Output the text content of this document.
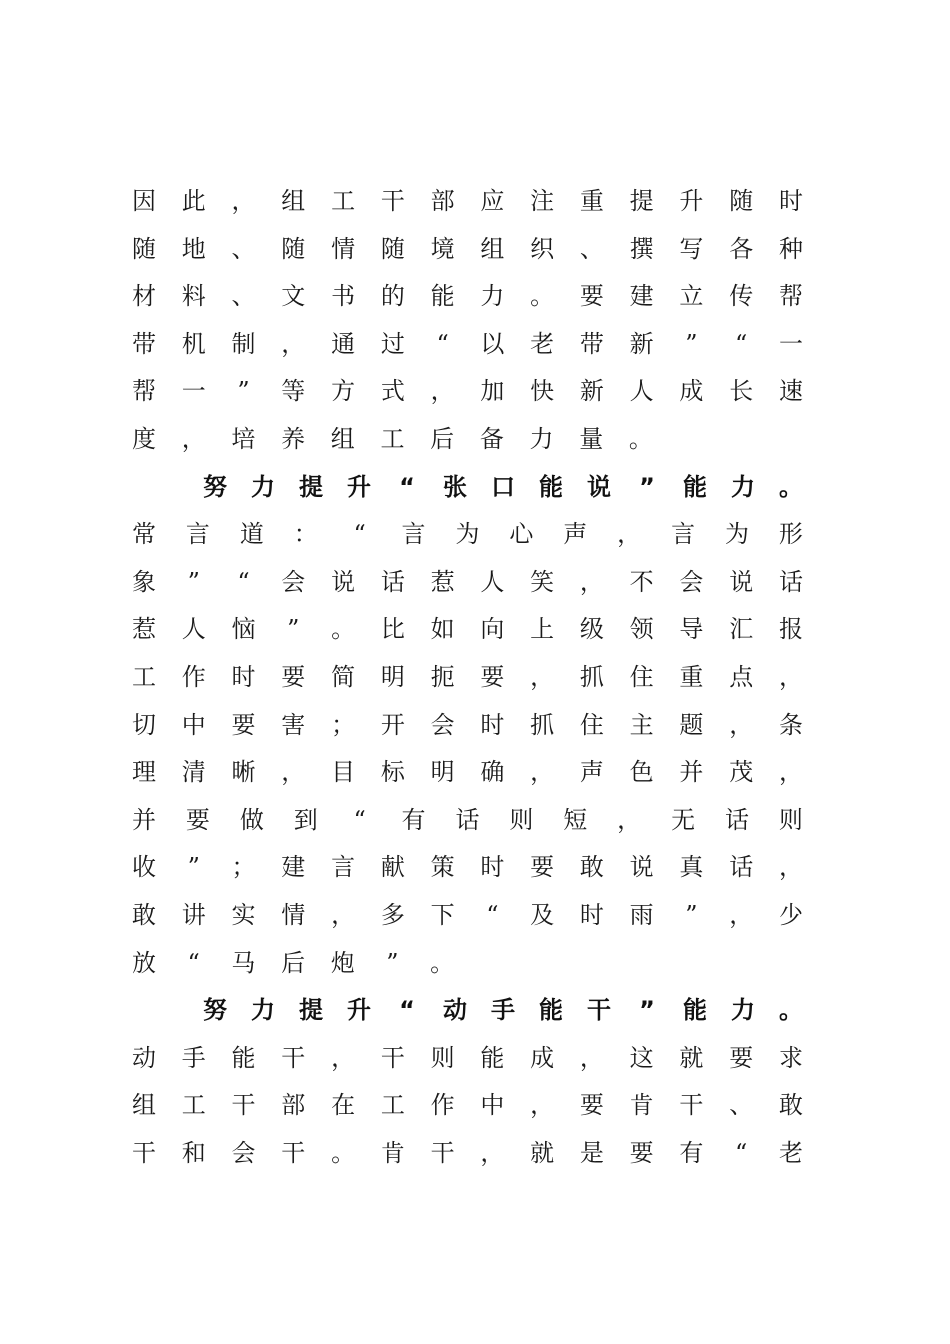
因 此 ， 组 工 干 部 应 注 重 提 升 随 时
随 地 、 随 情 随 境 组 织 、 撰 写 各 种
材 料 、 文 书 的 能 力 。 要 建 立 传 帮
带 机 制 ， 通 过 “ 以 老 带 新 ” “ 一
帮 一 ” 等 方 式 ， 加 快 新 人 成 长 速
度 ， 培 养 组 工 后 备 力 量 。
努 力 提 升 “ 张 口 能 说 ” 能 力 。
常 言 道 ： “ 言 为 心 声 ， 言 为 形
象 ” “ 会 说 话 惹 人 笑 ， 不 会 说 话
惹 人 恼 ” 。 比 如 向 上 级 领 导 汇 报
工 作 时 要 简 明 扼 要 ， 抓 住 重 点 ，
切 中 要 害 ； 开 会 时 抓 住 主 题 ， 条
理 清 晰 ， 目 标 明 确 ， 声 色 并 茂 ，
并 要 做 到 “ 有 话 则 短 ， 无 话 则
收 ” ； 建 言 献 策 时 要 敢 说 真 话 ，
敢 讲 实 情 ， 多 下 “ 及 时 雨 ” ， 少
放 “ 马 后 炮 ” 。
努 力 提 升 “ 动 手 能 干 ” 能 力 。
动 手 能 干 ， 干 则 能 成 ， 这 就 要 求
组 工 干 部 在 工 作 中 ， 要 肯 干 、 敢
干 和 会 干 。 肯 干 ， 就 是 要 有 “ 老
